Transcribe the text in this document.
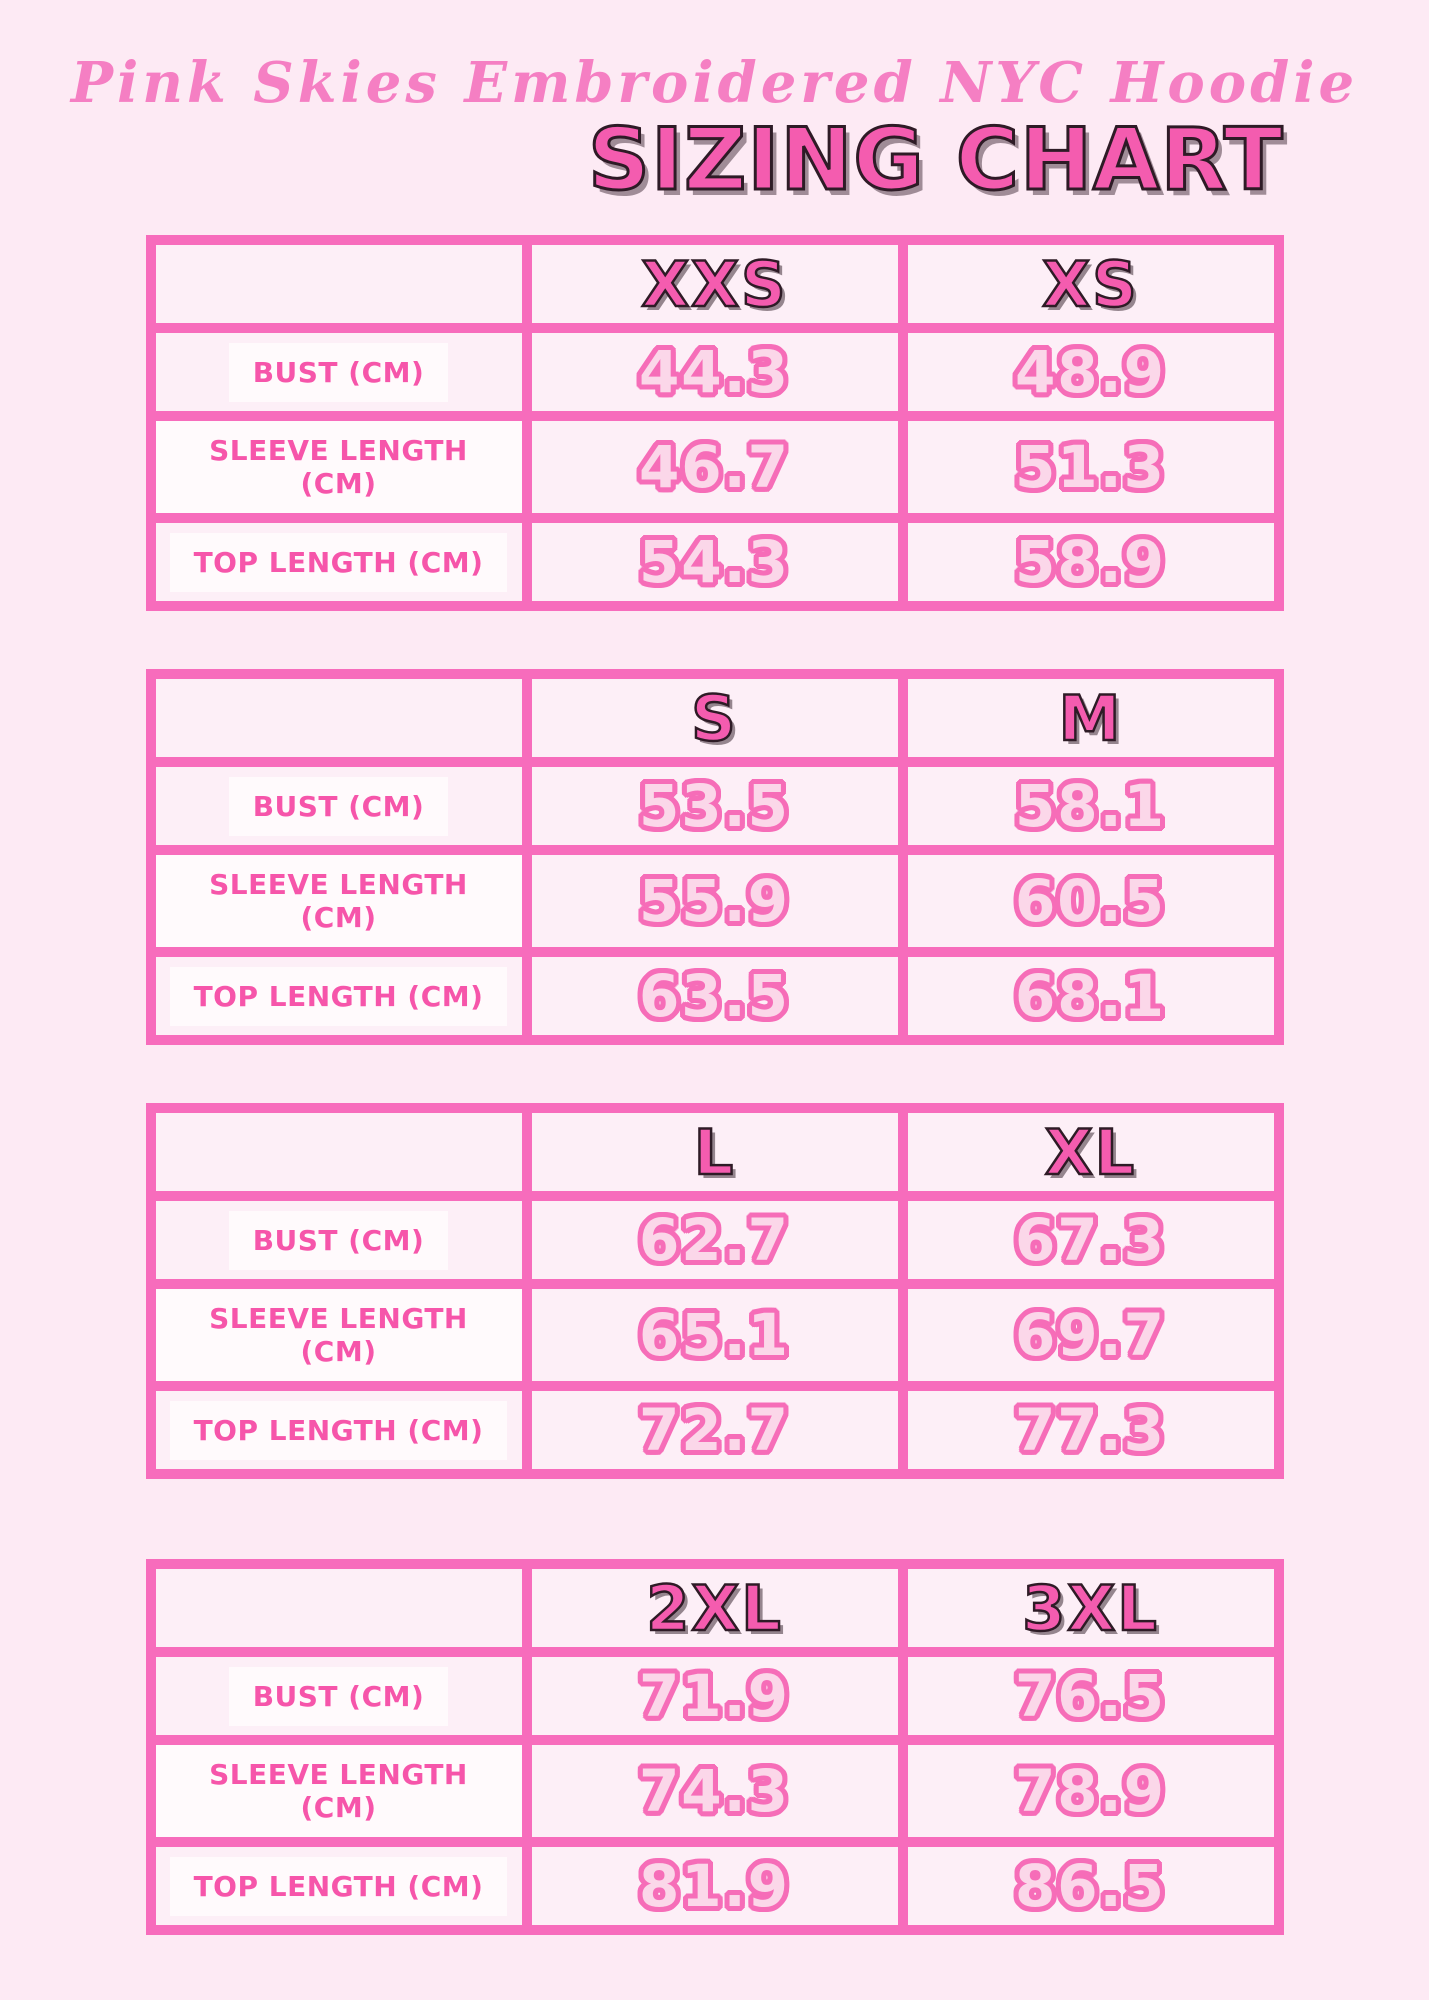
Pink Skies Embroidered NYC Hoodie
SIZING CHART
	XXS	XS
BUST (CM)	44.3	48.9
SLEEVE LENGTH (CM)	46.7	51.3
TOP LENGTH (CM)	54.3	58.9
	S	M
BUST (CM)	53.5	58.1
SLEEVE LENGTH (CM)	55.9	60.5
TOP LENGTH (CM)	63.5	68.1
	L	XL
BUST (CM)	62.7	67.3
SLEEVE LENGTH (CM)	65.1	69.7
TOP LENGTH (CM)	72.7	77.3
	2XL	3XL
BUST (CM)	71.9	76.5
SLEEVE LENGTH (CM)	74.3	78.9
TOP LENGTH (CM)	81.9	86.5
